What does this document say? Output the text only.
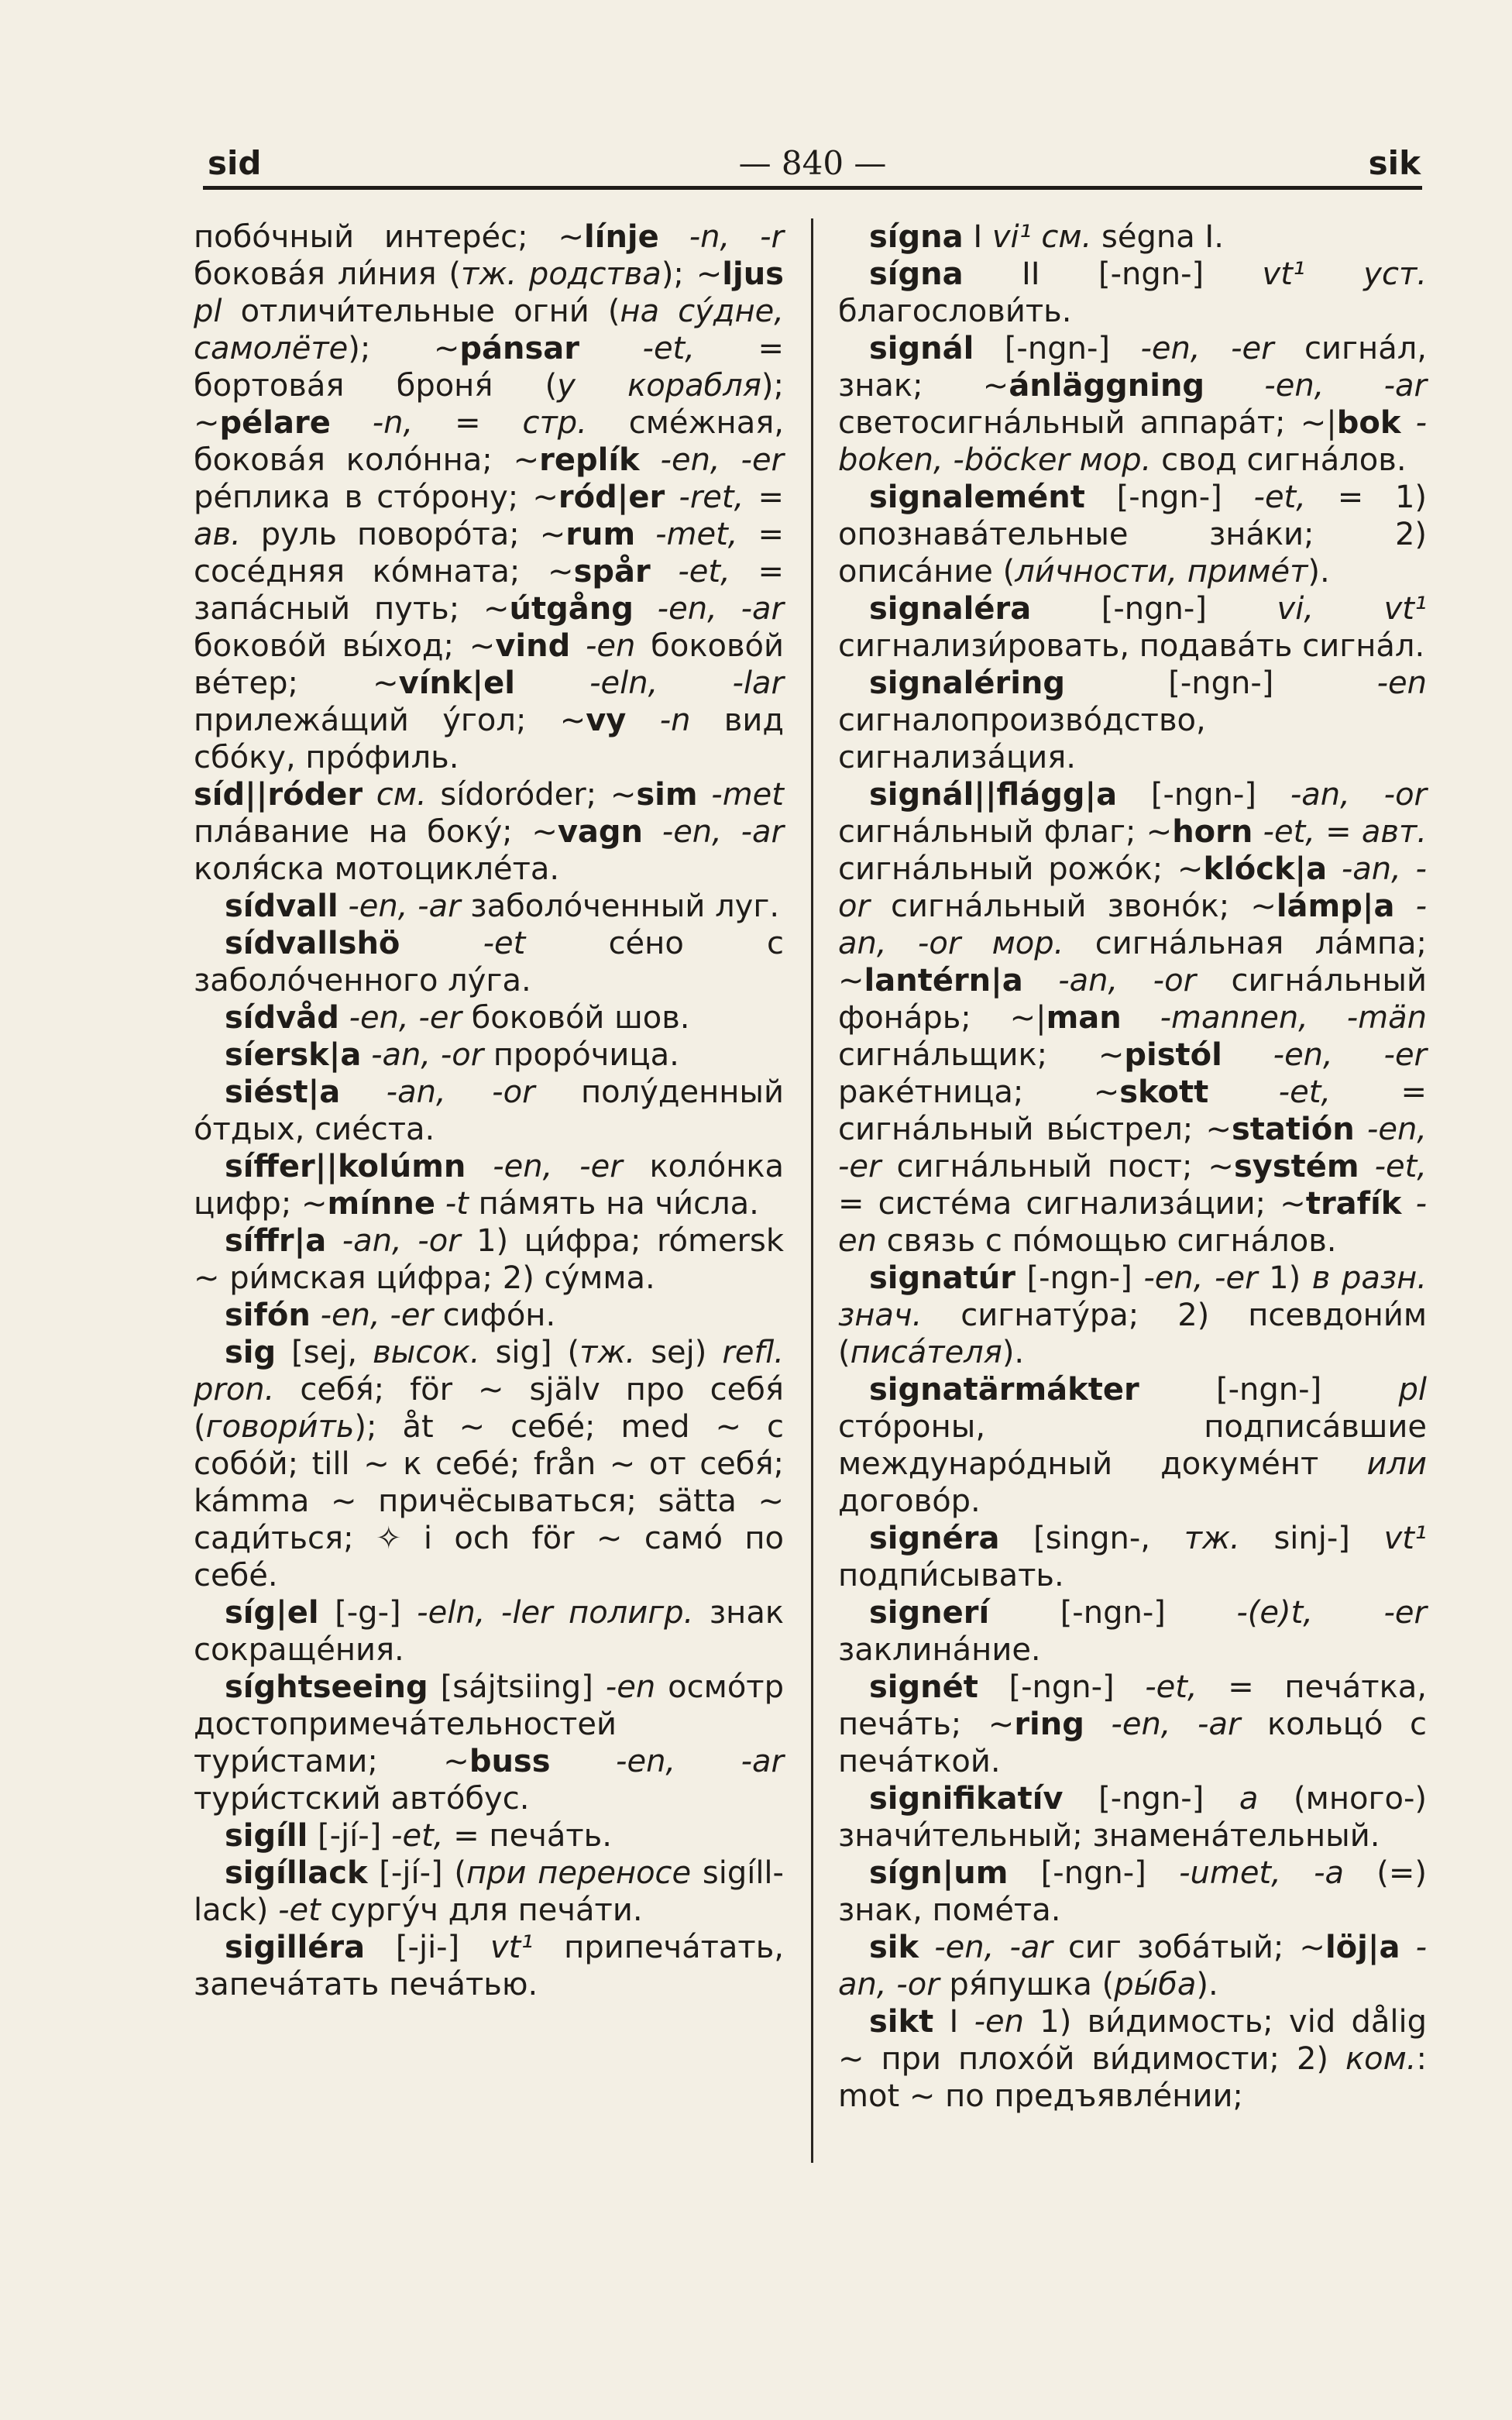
sid	— 840 —	sik

побо́чный интере́с; ~línje -n, -r бокова́я ли́ния (тж. родства); ~ljus pl отличи́тельные огни́ (на су́дне, самолёте); ~pánsar -et, = бортова́я броня́ (у корабля); ~pélare -n, = стр. сме́жная, бокова́я коло́нна; ~replík -en, -er ре́плика в сто́рону; ~ród|er -ret, = ав. руль поворо́та; ~rum -met, = сосе́дняя ко́мната; ~spår -et, = запа́сный путь; ~útgång -en, -ar боково́й вы́ход; ~vind -en боково́й ве́тер; ~vínk|el -eln, -lar прилежа́щий у́гол; ~vy -n вид сбо́ку, про́филь.

síd||róder см. sídoróder; ~sim -met пла́вание на боку́; ~vagn -en, -ar коля́ска мотоцикле́та.

sídvall -en, -ar заболо́ченный луг.

sídvallshö	-et се́но с заболо́ченного лу́га.

sídvåd -en, -er боково́й шов.

síersk|a -an, -or проро́чица.

siést|a -an, -or полу́денный о́тдых, сие́ста.

síffer||kolúmn -en, -er коло́нка цифр; ~mínne -t па́мять на чи́сла.

síffr|a -an, -or 1) ци́фра; rómersk ~ ри́мская ци́фра; 2) су́мма.

sifón -en, -er сифо́н.

sig [sej, высок. sig] (тж. sej) refl. pron. себя́; för ~ själv про себя́ (говори́ть); åt ~ себе́; med ~ с собо́й; till ~ к себе́; från ~ от себя́; kámma ~ причёсываться; sätta ~ сади́ться; ✧ i och för ~ само́ по себе́.

síg|el [-g-] -eln, -ler полигр. знак сокраще́ния.

síghtseeing [sájtsiing] -en осмо́тр достопримеча́тельностей тури́стами; ~buss -en, -ar тури́стский авто́бус.

sigíll [-jí-] -et, = печа́ть.

sigíllack [-jí-] (при переносе sigíll-lack) -et сургу́ч для печа́ти.

sigilléra [-ji-] vt¹ припеча́тать, запеча́тать печа́тью.

sígna I vi¹ см. ségna I.

sígna II [-ngn-] vt¹ уст. благослови́ть.

signál [-ngn-] -en, -er сигна́л, знак; ~ánläggning -en, -ar светосигна́льный аппара́т; ~|bok -boken, -böcker мор. свод сигна́лов.

signalemént [-ngn-] -et, = 1) опознава́тельные зна́ки; 2) описа́ние (ли́чности, приме́т).

signaléra [-ngn-] vi, vt¹ сигнализи́ровать, подава́ть сигна́л.

signaléring [-ngn-] -en сигналопроизво́дство, сигнализа́ция.

signál||flágg|a [-ngn-] -an, -or сигна́льный флаг; ~horn -et, = авт. сигна́льный рожо́к; ~klóck|a -an, -or сигна́льный звоно́к; ~lámp|a -an, -or мор. сигна́льная ла́мпа; ~lantérn|a -an, -or сигна́льный фона́рь; ~|man -mannen, -män сигна́льщик; ~pistól -en, -er раке́тница; ~skott -et, = сигна́льный вы́стрел; ~statión -en, -er сигна́льный пост; ~systém -et, = систе́ма сигнализа́ции; ~trafík -en связь с по́мощью сигна́лов.

signatúr [-ngn-] -en, -er 1) в разн. знач. сигнату́ра; 2) псевдони́м (писа́теля).

signatärmákter [-ngn-] pl сто́роны, подписа́вшие междунаро́дный докуме́нт или догово́р.

signéra [singn-, тж. sinj-] vt¹ подпи́сывать.

signerí [-ngn-] -(e)t, -er заклина́ние.

signét [-ngn-] -et, = печа́тка, печа́ть; ~ring -en, -ar кольцо́ с печа́ткой.

signifikatív [-ngn-] a (много-) значи́тельный; знамена́тельный.

sígn|um [-ngn-] -umet, -a (=) знак, поме́та.

sik -en, -ar сиг зоба́тый; ~löj|a -an, -or ря́пушка (ры́ба).

sikt I -en 1) ви́димость; vid dålig ~ при плохо́й ви́димости; 2) ком.: mot ~ по предъявле́нии;
